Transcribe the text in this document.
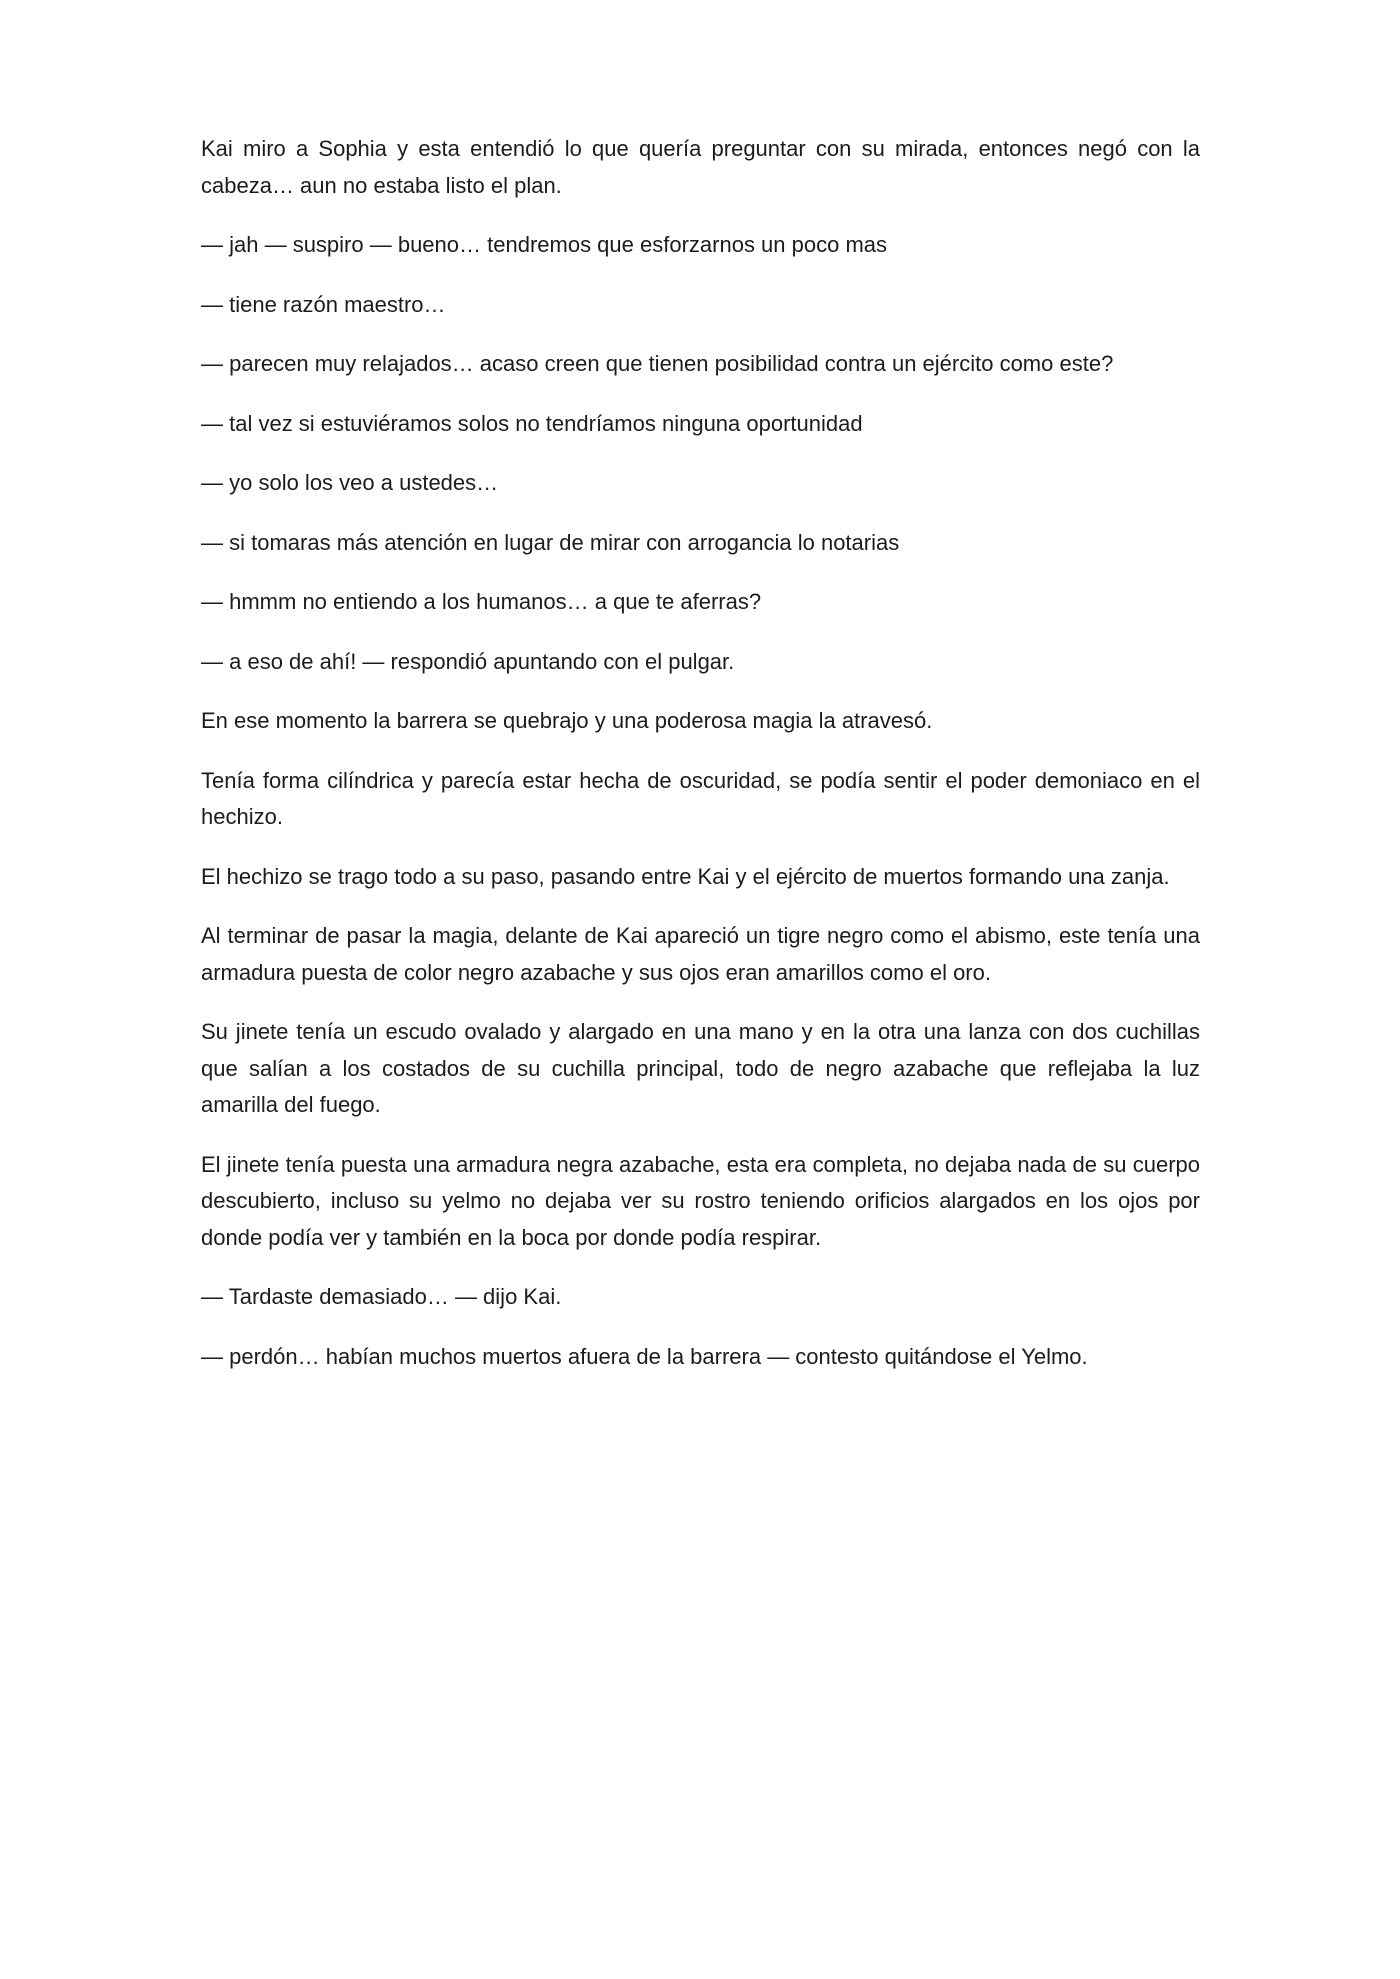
Kai miro a Sophia y esta entendió lo que quería preguntar con su mirada, entonces negó con la cabeza… aun no estaba listo el plan.

— jah — suspiro — bueno… tendremos que esforzarnos un poco mas

— tiene razón maestro…

— parecen muy relajados… acaso creen que tienen posibilidad contra un ejército como este?

— tal vez si estuviéramos solos no tendríamos ninguna oportunidad

— yo solo los veo a ustedes…

— si tomaras más atención en lugar de mirar con arrogancia lo notarias

— hmmm no entiendo a los humanos… a que te aferras?

— a eso de ahí! — respondió apuntando con el pulgar.

En ese momento la barrera se quebrajo y una poderosa magia la atravesó.

Tenía forma cilíndrica y parecía estar hecha de oscuridad, se podía sentir el poder demoniaco en el hechizo.

El hechizo se trago todo a su paso, pasando entre Kai y el ejército de muertos formando una zanja.

Al terminar de pasar la magia, delante de Kai apareció un tigre negro como el abismo, este tenía una armadura puesta de color negro azabache y sus ojos eran amarillos como el oro.

Su jinete tenía un escudo ovalado y alargado en una mano y en la otra una lanza con dos cuchillas que salían a los costados de su cuchilla principal, todo de negro azabache que reflejaba la luz amarilla del fuego.

El jinete tenía puesta una armadura negra azabache, esta era completa, no dejaba nada de su cuerpo descubierto, incluso su yelmo no dejaba ver su rostro teniendo orificios alargados en los ojos por donde podía ver y también en la boca por donde podía respirar.

— Tardaste demasiado… — dijo Kai.

— perdón… habían muchos muertos afuera de la barrera — contesto quitándose el Yelmo.
